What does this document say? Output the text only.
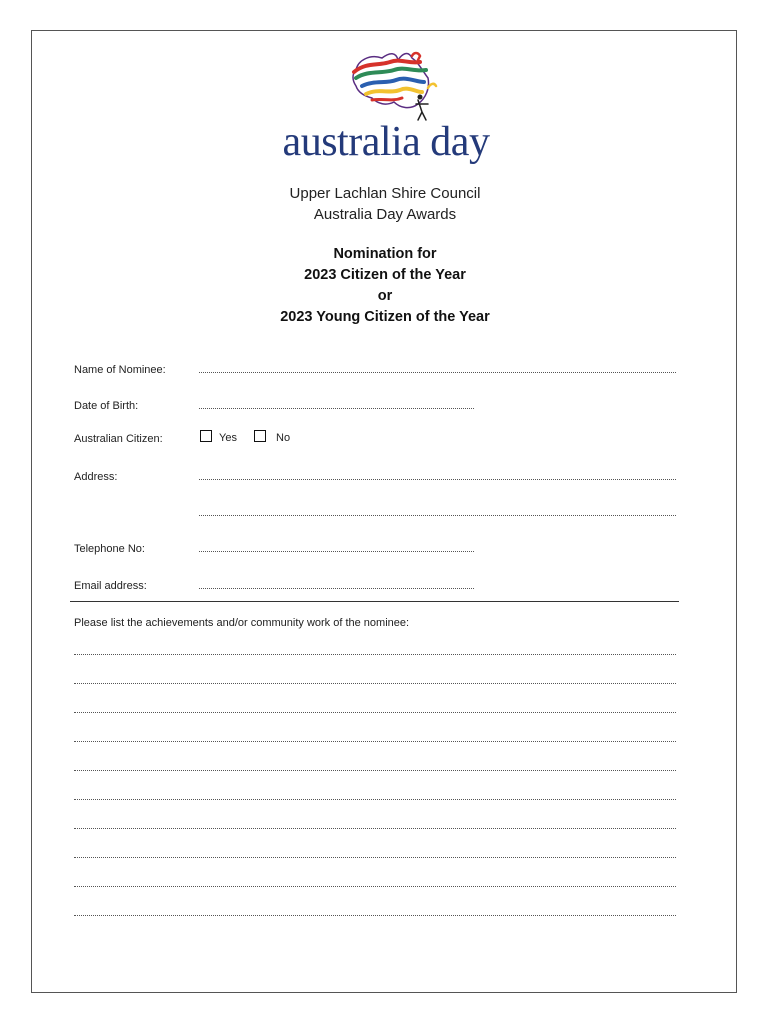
australia day
Upper Lachlan Shire Council
Australia Day Awards
Nomination for
2023 Citizen of the Year
or
2023 Young Citizen of the Year
Name of Nominee:
Date of Birth:
Australian Citizen:	Yes	No
Address:
Telephone No:
Email address:
Please list the achievements and/or community work of the nominee:
